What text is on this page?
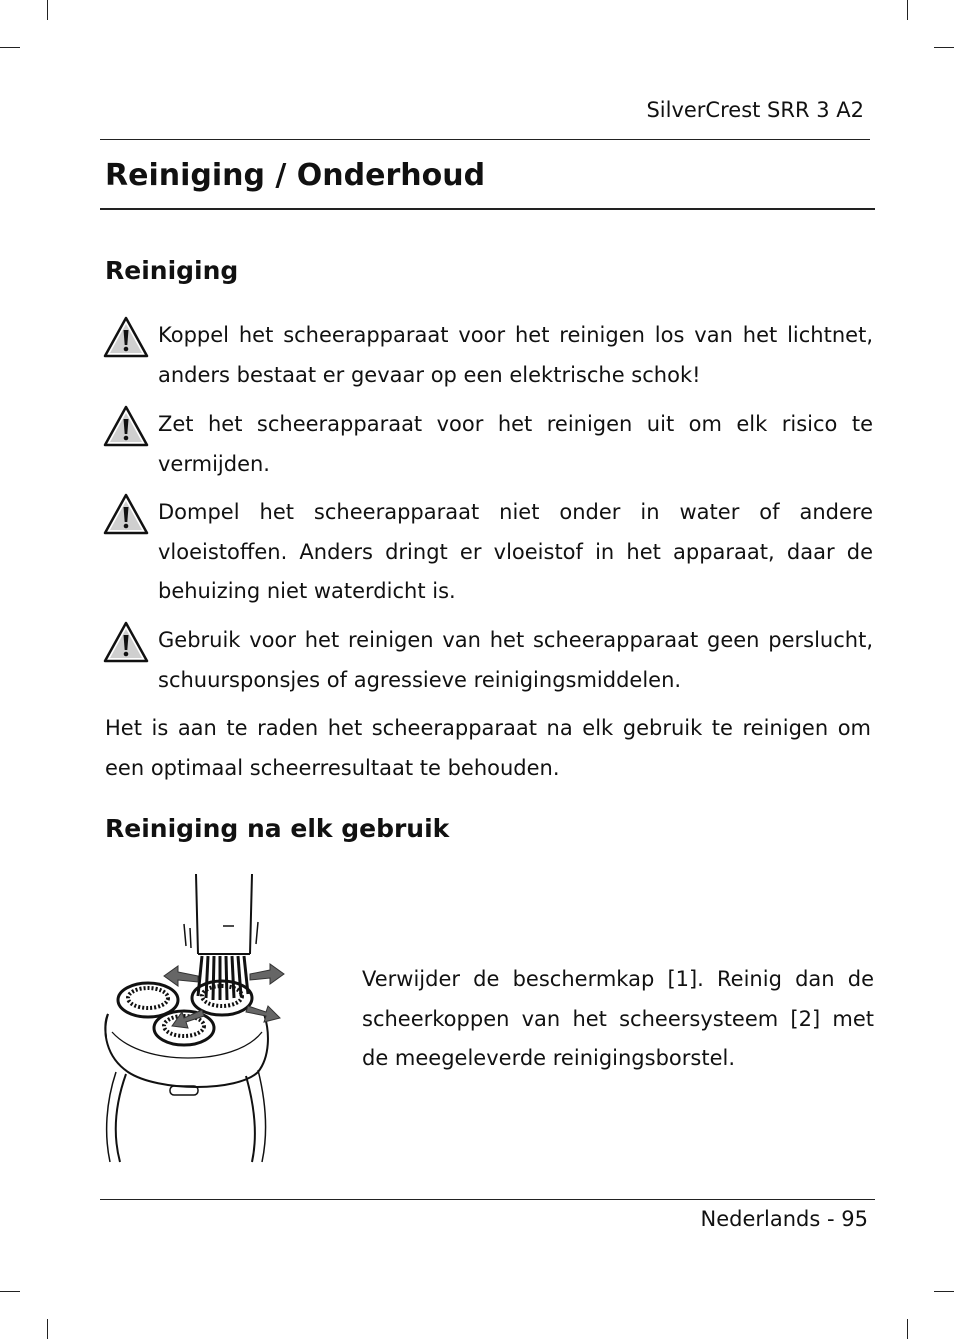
SilverCrest SRR 3 A2
Reiniging / Onderhoud
Reiniging

Koppel het scheerapparaat voor het reinigen los van het lichtnet, anders bestaat er gevaar op een elektrische schok!

Zet het scheerapparaat voor het reinigen uit om elk risico te vermijden.

Dompel het scheerapparaat niet onder in water of andere vloeistoffen. Anders dringt er vloeistof in het apparaat, daar de behuizing niet waterdicht is.

Gebruik voor het reinigen van het scheerapparaat geen perslucht, schuursponsjes of agressieve reinigingsmiddelen.

Het is aan te raden het scheerapparaat na elk gebruik te reinigen om een optimaal scheerresultaat te behouden.

Reiniging na elk gebruik

Verwijder de beschermkap [1]. Reinig dan de scheerkoppen van het scheersysteem [2] met de meegeleverde reinigingsborstel.

Nederlands - 95
